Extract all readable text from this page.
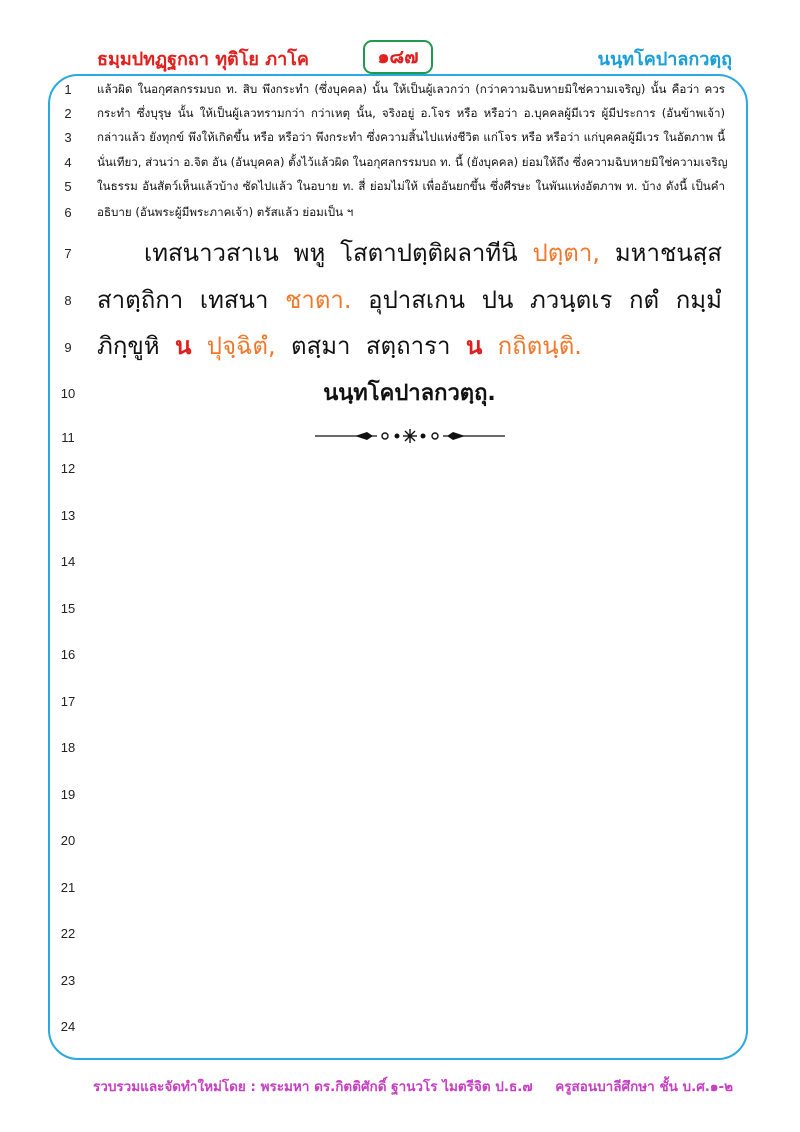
ธมฺมปทฏฺฐกถา ทุติโย ภาโค	๑๘๗	นนฺทโคปาลกวตฺถุ
1
2
3
4
5
6
7
8
9
10
11
12
13
14
15
16
17
18
19
20
21
22
23
24
แล้วผิด ในอกุศลกรรมบถ ท. สิบ พึงกระทำ (ซึ่งบุคคล) นั้น ให้เป็นผู้เลวกว่า (กว่าความฉิบหายมิใช่ความเจริญ) นั้น คือว่า ควร
กระทำ ซึ่งบุรุษ นั้น ให้เป็นผู้เลวทรามกว่า กว่าเหตุ นั้น, จริงอยู่ อ.โจร หรือ หรือว่า อ.บุคคลผู้มีเวร ผู้มีประการ (อันข้าพเจ้า)
กล่าวแล้ว ยังทุกข์ พึงให้เกิดขึ้น หรือ หรือว่า พึงกระทำ ซึ่งความสิ้นไปแห่งชีวิต แก่โจร หรือ หรือว่า แก่บุคคลผู้มีเวร ในอัตภาพ นี้
นั่นเทียว, ส่วนว่า อ.จิต อัน (อันบุคคล) ตั้งไว้แล้วผิด ในอกุศลกรรมบถ ท. นี้ (ยังบุคคล) ย่อมให้ถึง ซึ่งความฉิบหายมิใช่ความเจริญ
ในธรรม อันสัตว์เห็นแล้วบ้าง ซัดไปแล้ว ในอบาย ท. สี่ ย่อมไม่ให้ เพื่ออันยกขึ้น ซึ่งศีรษะ ในพันแห่งอัตภาพ ท. บ้าง ดังนี้ เป็นคำ
อธิบาย (อันพระผู้มีพระภาคเจ้า) ตรัสแล้ว ย่อมเป็น ฯ
เทสนาวสาเน พหู โสตาปตฺติผลาทีนิ ปตฺตา, มหาชนสฺส
สาตฺถิกา เทสนา ชาตา. อุปาสเกน ปน ภวนฺตเร กตํ กมฺมํ
ภิกฺขูหิ น ปุจฺฉิตํ, ตสฺมา สตฺถารา น กถิตนฺติ.
นนฺทโคปาลกวตฺถุ.
รวบรวมและจัดทำใหม่โดย : พระมหา ดร.กิตติศักดิ์ ฐานวโร ไมตรีจิต ป.ธ.๗ ครูสอนบาลีศึกษา ชั้น บ.ศ.๑-๒
